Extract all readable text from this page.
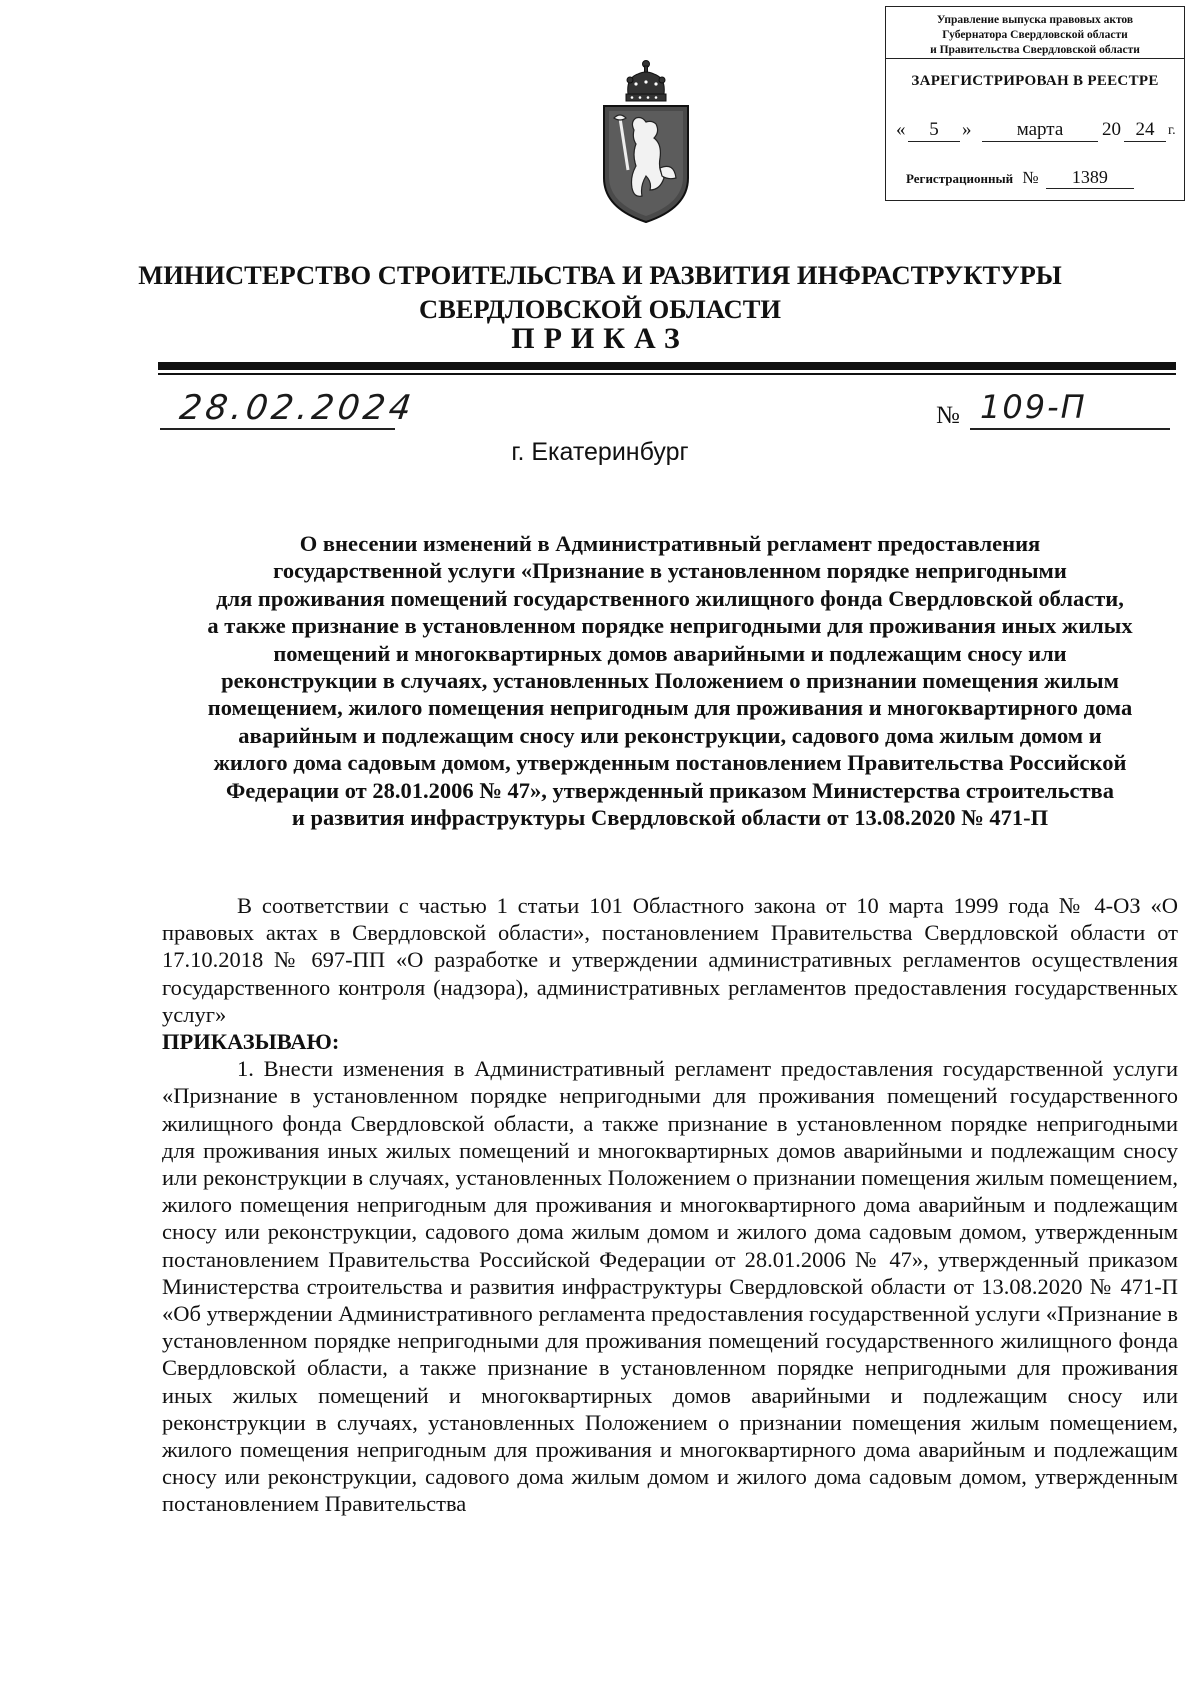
Управление выпуска правовых актов
Губернатора Свердловской области
и Правительства Свердловской области
ЗАРЕГИСТРИРОВАН В РЕЕСТРЕ
«	5	»	марта	20 24 г.
Регистрационный № 1389
МИНИСТЕРСТВО СТРОИТЕЛЬСТВА И РАЗВИТИЯ ИНФРАСТРУКТУРЫ
СВЕРДЛОВСКОЙ ОБЛАСТИ
ПРИКАЗ
28.02.2024	№ 109-П
г. Екатеринбург
О внесении изменений в Административный регламент предоставления
государственной услуги «Признание в установленном порядке непригодными
для проживания помещений государственного жилищного фонда Свердловской области,
а также признание в установленном порядке непригодными для проживания иных жилых
помещений и многоквартирных домов аварийными и подлежащим сносу или
реконструкции в случаях, установленных Положением о признании помещения жилым
помещением, жилого помещения непригодным для проживания и многоквартирного дома
аварийным и подлежащим сносу или реконструкции, садового дома жилым домом и
жилого дома садовым домом, утвержденным постановлением Правительства Российской
Федерации от 28.01.2006 № 47», утвержденный приказом Министерства строительства
и развития инфраструктуры Свердловской области от 13.08.2020 № 471-П

В соответствии с частью 1 статьи 101 Областного закона от 10 марта 1999 года № 4-ОЗ «О правовых актах в Свердловской области», постановлением Правительства Свердловской области от 17.10.2018 № 697-ПП «О разработке и утверждении административных регламентов осуществления государственного контроля (надзора), административных регламентов предоставления государственных услуг»

ПРИКАЗЫВАЮ:

1. Внести изменения в Административный регламент предоставления государственной услуги «Признание в установленном порядке непригодными для проживания помещений государственного жилищного фонда Свердловской области, а также признание в установленном порядке непригодными для проживания иных жилых помещений и многоквартирных домов аварийными и подлежащим сносу или реконструкции в случаях, установленных Положением о признании помещения жилым помещением, жилого помещения непригодным для проживания и многоквартирного дома аварийным и подлежащим сносу или реконструкции, садового дома жилым домом и жилого дома садовым домом, утвержденным постановлением Правительства Российской Федерации от 28.01.2006 № 47», утвержденный приказом Министерства строительства и развития инфраструктуры Свердловской области от 13.08.2020 № 471-П «Об утверждении Административного регламента предоставления государственной услуги «Признание в установленном порядке непригодными для проживания помещений государственного жилищного фонда Свердловской области, а также признание в установленном порядке непригодными для проживания иных жилых помещений и многоквартирных домов аварийными и подлежащим сносу или реконструкции в случаях, установленных Положением о признании помещения жилым помещением, жилого помещения непригодным для проживания и многоквартирного дома аварийным и подлежащим сносу или реконструкции, садового дома жилым домом и жилого дома садовым домом, утвержденным постановлением Правительства
